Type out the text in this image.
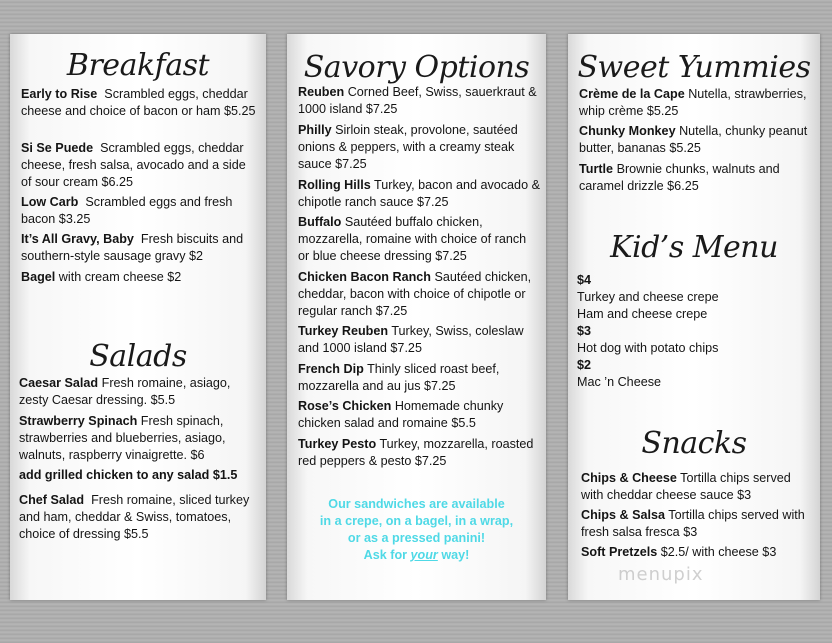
Breakfast
Early to Rise Scrambled eggs, cheddar cheese and choice of bacon or ham $5.25
Si Se Puede Scrambled eggs, cheddar cheese, fresh salsa, avocado and a side of sour cream $6.25
Low Carb Scrambled eggs and fresh bacon $3.25
It’s All Gravy, Baby Fresh biscuits and southern-style sausage gravy $2
Bagel with cream cheese $2
Salads
Caesar Salad Fresh romaine, asiago, zesty Caesar dressing. $5.5
Strawberry Spinach Fresh spinach, strawberries and blueberries, asiago, walnuts, raspberry vinaigrette. $6
add grilled chicken to any salad $1.5
Chef Salad Fresh romaine, sliced turkey and ham, cheddar & Swiss, tomatoes, choice of dressing $5.5
Savory Options
Reuben Corned Beef, Swiss, sauerkraut & 1000 island $7.25
Philly Sirloin steak, provolone, sautéed onions & peppers, with a creamy steak sauce $7.25
Rolling Hills Turkey, bacon and avocado & chipotle ranch sauce $7.25
Buffalo Sautéed buffalo chicken, mozzarella, romaine with choice of ranch or blue cheese dressing $7.25
Chicken Bacon Ranch Sautéed chicken, cheddar, bacon with choice of chipotle or regular ranch $7.25
Turkey Reuben Turkey, Swiss, coleslaw and 1000 island $7.25
French Dip Thinly sliced roast beef, mozzarella and au jus $7.25
Rose’s Chicken Homemade chunky chicken salad and romaine $5.5
Turkey Pesto Turkey, mozzarella, roasted red peppers & pesto $7.25
Our sandwiches are available
in a crepe, on a bagel, in a wrap,
or as a pressed panini!
Ask for your way!
Sweet Yummies
Crème de la Cape Nutella, strawberries, whip crème $5.25
Chunky Monkey Nutella, chunky peanut butter, bananas $5.25
Turtle Brownie chunks, walnuts and caramel drizzle $6.25
Kid’s Menu
$4
Turkey and cheese crepe
Ham and cheese crepe
$3
Hot dog with potato chips
$2
Mac ’n Cheese
Snacks
Chips & Cheese Tortilla chips served with cheddar cheese sauce $3
Chips & Salsa Tortilla chips served with fresh salsa fresca $3
Soft Pretzels $2.5/ with cheese $3
menupix
